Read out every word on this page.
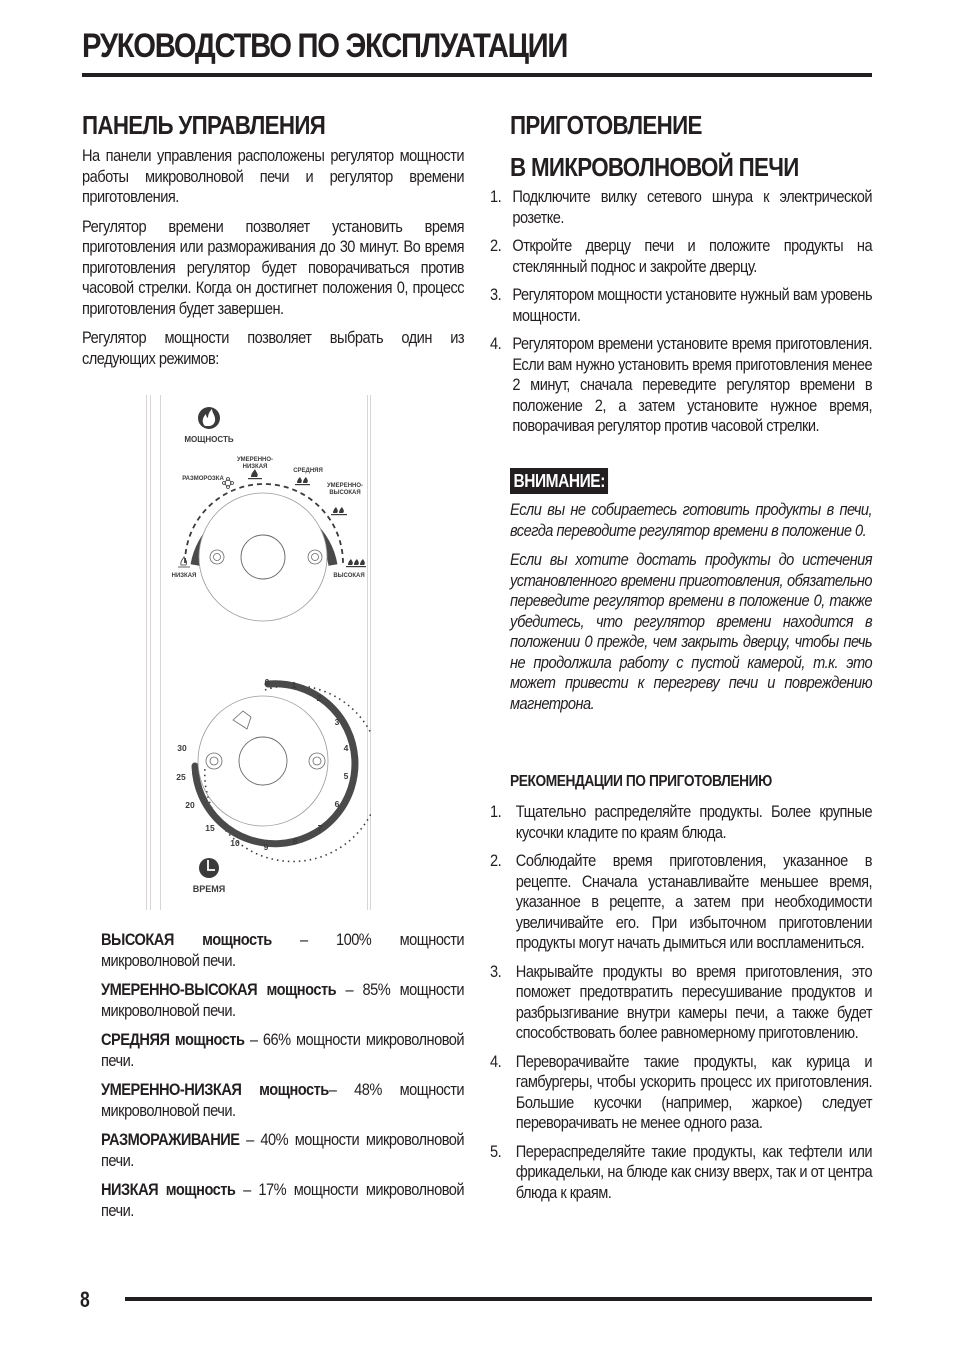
РУКОВОДСТВО ПО ЭКСПЛУАТАЦИИ
ПАНЕЛЬ УПРАВЛЕНИЯ
На панели управления расположены регулятор мощности работы микроволновой печи и регулятор времени приготовления.
Регулятор времени позволяет установить время приготовления или размораживания до 30 минут. Во время приготовления регулятор будет поворачиваться против часовой стрелки. Когда он достигнет положения 0, процесс приготовления будет завершен.
Регулятор мощности позволяет выбрать один из следующих режимов:
МОЩНОСТЬ
УМЕРЕННО-
НИЗКАЯ
РАЗМОРОЗКА
СРЕДНЯЯ
УМЕРЕННО-
ВЫСОКАЯ
НИЗКАЯ	ВЫСОКАЯ
0	1
2
3
4
5
6
7
8
9
10
15
20
25
30
ВРЕМЯ
ВЫСОКАЯ мощность – 100% мощности микроволновой печи.
УМЕРЕННО-ВЫСОКАЯ мощность – 85% мощности микроволновой печи.
СРЕДНЯЯ мощность – 66% мощности микроволновой печи.
УМЕРЕННО-НИЗКАЯ мощность– 48% мощности микроволновой печи.
РАЗМОРАЖИВАНИЕ – 40% мощности микроволновой печи.
НИЗКАЯ мощность – 17% мощности микроволновой печи.
ПРИГОТОВЛЕНИЕ
В МИКРОВОЛНОВОЙ ПЕЧИ
1. Подключите вилку сетевого шнура к электрической розетке.
2. Откройте дверцу печи и положите продукты на стеклянный поднос и закройте дверцу.
3. Регулятором мощности установите нужный вам уровень мощности.
4. Регулятором времени установите время приготовления. Если вам нужно установить время приготовления менее 2 минут, сначала переведите регулятор времени в положение 2, а затем установите нужное время, поворачивая регулятор против часовой стрелки.
ВНИМАНИЕ:
Если вы не собираетесь готовить продукты в печи, всегда переводите регулятор времени в положение 0.
Если вы хотите достать продукты до истечения установленного времени приготовления, обязательно переведите регулятор времени в положение 0, также убедитесь, что регулятор времени находится в положении 0 прежде, чем закрыть дверцу, чтобы печь не продолжила работу с пустой камерой, т.к. это может привести к перегреву печи и повреждению магнетрона.
РЕКОМЕНДАЦИИ ПО ПРИГОТОВЛЕНИЮ
1. Тщательно распределяйте продукты. Более крупные кусочки кладите по краям блюда.
2. Соблюдайте время приготовления, указанное в рецепте. Сначала устанавливайте меньшее время, указанное в рецепте, а затем при необходимости увеличивайте его. При избыточном приготовлении продукты могут начать дымиться или воспламениться.
3. Накрывайте продукты во время приготовления, это поможет предотвратить пересушивание продуктов и разбрызгивание внутри камеры печи, а также будет способствовать более равномерному приготовлению.
4. Переворачивайте такие продукты, как курица и гамбургеры, чтобы ускорить процесс их приготовления. Большие кусочки (например, жаркое) следует переворачивать не менее одного раза.
5. Перераспределяйте такие продукты, как тефтели или фрикадельки, на блюде как снизу вверх, так и от центра блюда к краям.
8
